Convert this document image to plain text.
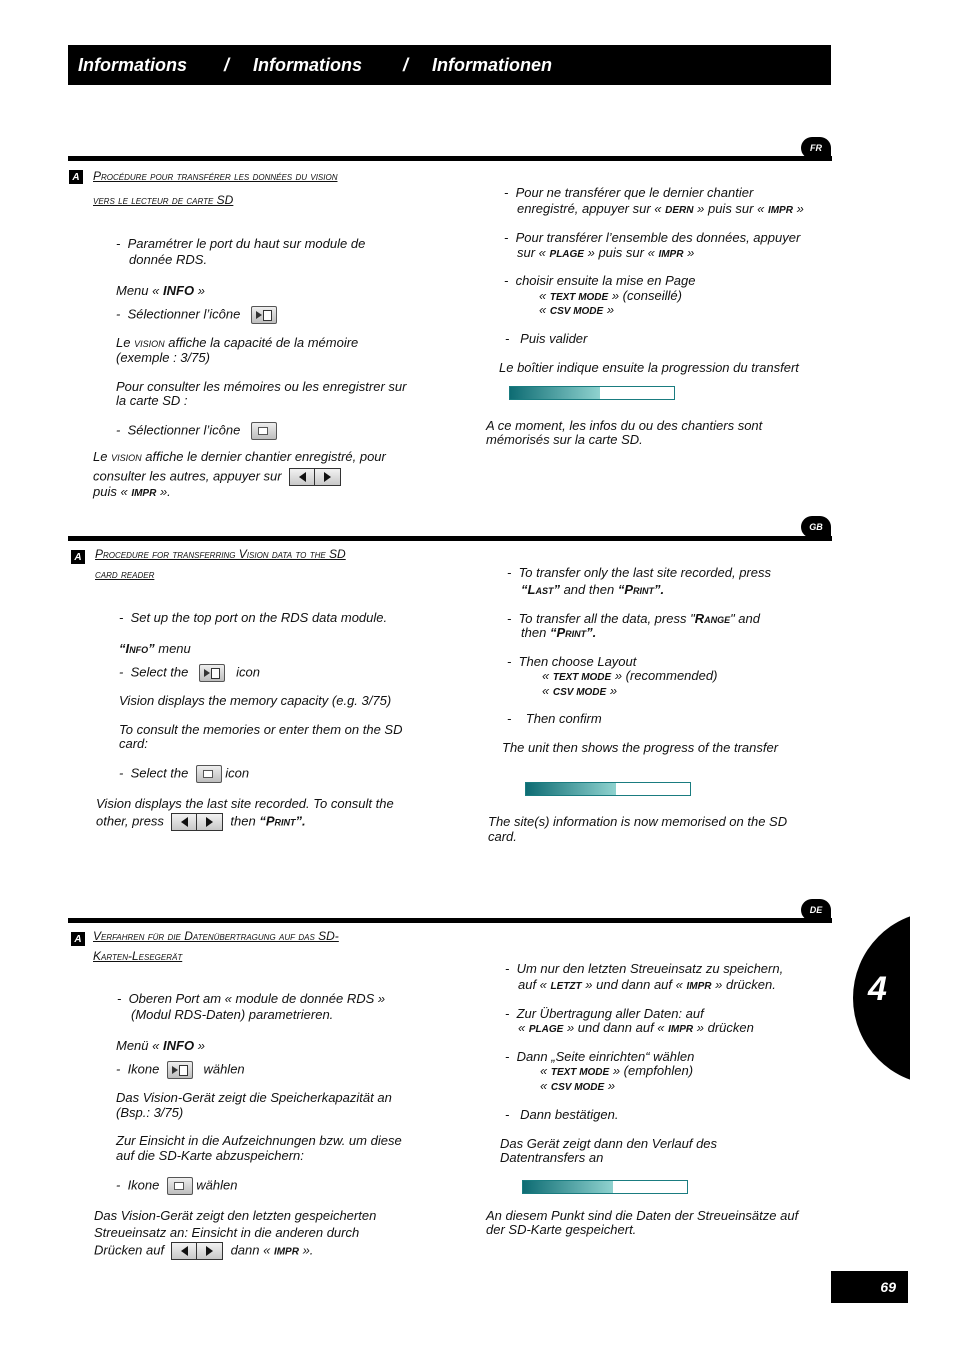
Informations / Informations / Informationen
FR
A Procédure pour transférer les données du vision
vers le lecteur de carte SD
-  Paramétrer le port du haut sur module de
donnée RDS.
Menu « INFO »
-  Sélectionner l’icône
Le vision affiche la capacité de la mémoire
(exemple : 3/75)
Pour consulter les mémoires ou les enregistrer sur
la carte SD :
-  Sélectionner l’icône
Le vision affiche le dernier chantier enregistré, pour
consulter les autres, appuyer sur
puis « IMPR ».
-  Pour ne transférer que le dernier chantier
enregistré, appuyer sur « DERN » puis sur « IMPR »
-  Pour transférer l’ensemble des données, appuyer
sur « PLAGE » puis sur « IMPR »
-  choisir ensuite la mise en Page
« TEXT MODE » (conseillé)
« CSV MODE »
-   Puis valider
Le boîtier indique ensuite la progression du transfert
A ce moment, les infos du ou des chantiers sont
mémorisés sur la carte SD.
GB
A Procedure for transferring Vision data to the SD
card reader
-  Set up the top port on the RDS data module.
“Info” menu
-  Select the	icon
Vision displays the memory capacity (e.g. 3/75)
To consult the memories or enter them on the SD
card:
-  Select the	icon
Vision displays the last site recorded. To consult the
other, press	then “Print”.
-  To transfer only the last site recorded, press
“Last” and then “Print”.
-  To transfer all the data, press "Range" and
then “Print”.
-  Then choose Layout
« TEXT MODE » (recommended)
« CSV MODE »
-    Then confirm
The unit then shows the progress of the transfer
The site(s) information is now memorised on the SD
card.
DE
A Verfahren für die Datenübertragung auf das SD-
Karten-Lesegerät
-  Oberen Port am « module de donnée RDS »
(Modul RDS-Daten) parametrieren.
Menü « INFO »
-  Ikone	wählen
Das Vision-Gerät zeigt die Speicherkapazität an
(Bsp.: 3/75)
Zur Einsicht in die Aufzeichnungen bzw. um diese
auf die SD-Karte abzuspeichern:
-  Ikone	wählen
Das Vision-Gerät zeigt den letzten gespeicherten
Streueinsatz an: Einsicht in die anderen durch
Drücken auf	dann « IMPR ».
-  Um nur den letzten Streueinsatz zu speichern,
auf « LETZT » und dann auf « IMPR » drücken.
-  Zur Übertragung aller Daten: auf
« PLAGE » und dann auf « IMPR » drücken
-  Dann „Seite einrichten“ wählen
« TEXT MODE » (empfohlen)
« CSV MODE »
-   Dann bestätigen.
Das Gerät zeigt dann den Verlauf des
Datentransfers an
An diesem Punkt sind die Daten der Streueinsätze auf
der SD-Karte gespeichert.
4
69
